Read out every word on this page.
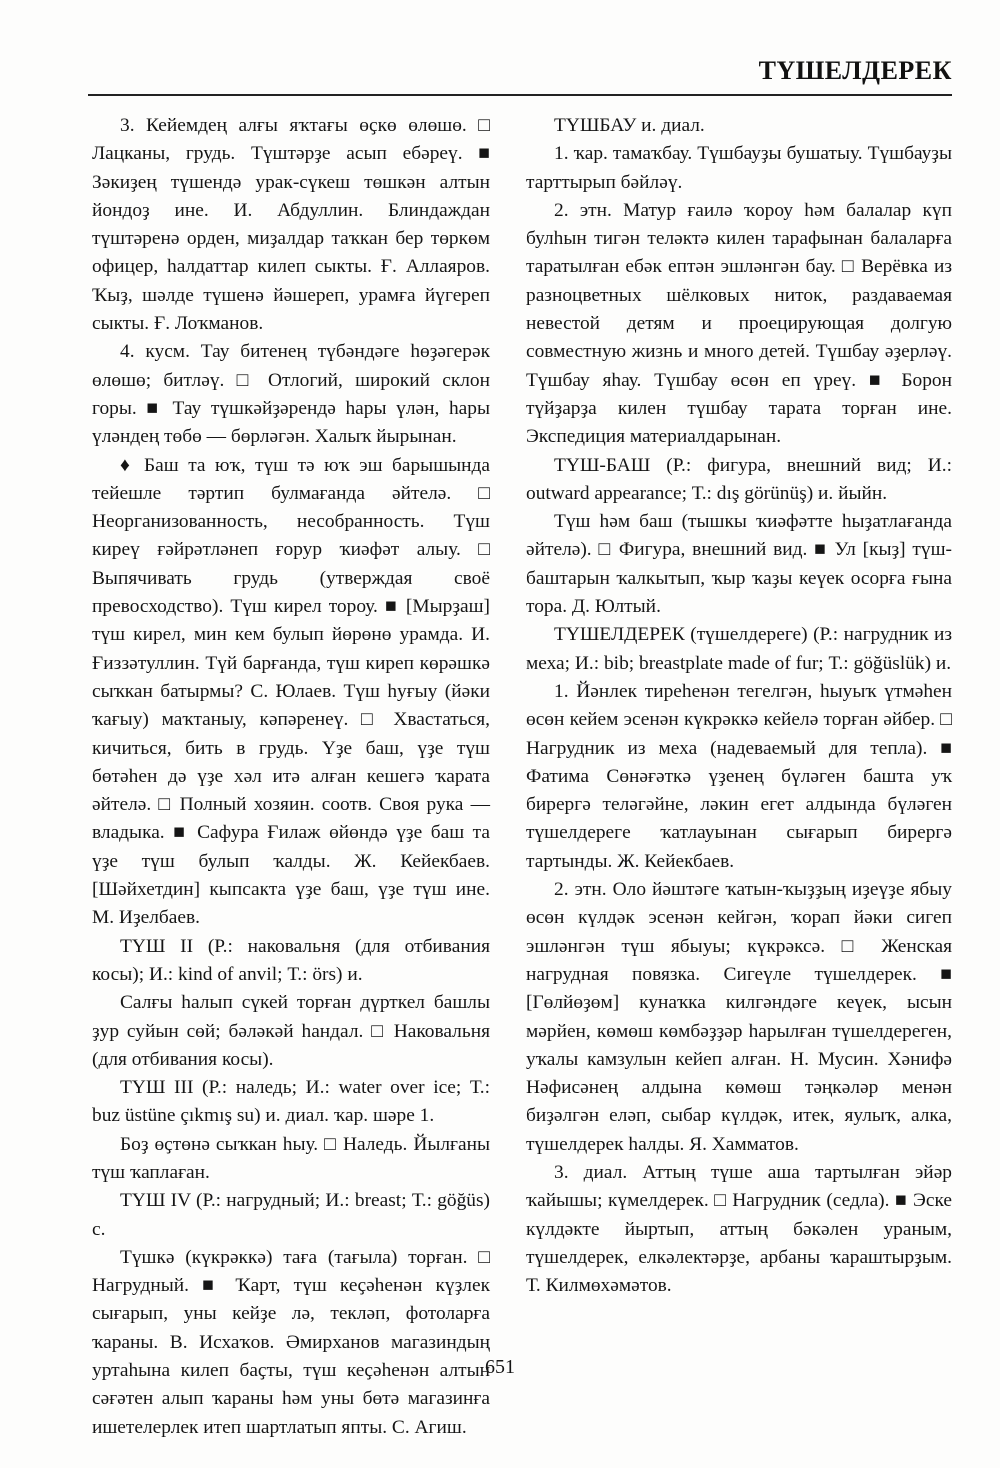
ТҮШЕЛДЕРЕК

3. Кейемдең алғы яҡтағы өҫкө өлөшө. □ Лацканы, грудь. Түштәрҙе асып ебәреү. ■ Зәкиҙең түшендә урак-сүкеш төшкән алтын йондоҙ ине. И. Абдуллин. Блиндаждан түштәренә орден, миҙалдар таҡкан бер төркөм офицер, һалдаттар килеп сыкты. Ғ. Аллаяров. Ҡыҙ, шәлде түшенә йәшереп, урамға йүгереп сыкты. Ғ. Лоҡманов.

4. кусм. Тау битенең түбәндәге һөҙәгерәк өлөшө; битләү. □ Отлогий, широкий склон горы. ■ Тау түшкәйҙәрендә һары үлән, һары үләндең төбө — бөрләгән. Халыҡ йырынан.

♦ Баш та юҡ, түш тә юҡ эш барышында тейешле тәртип булмағанда әйтелә. □ Неорганизованность, несобранность. Түш киреү ғәйрәтләнеп ғорур ҡиәфәт алыу. □ Выпячивать грудь (утверждая своё превосходство). Түш кирел тороу. ■ [Мырҙаш] түш кирел, мин кем булып йөрөнө урамда. И. Ғиззәтуллин. Түй барғанда, түш киреп көрәшкә сыҡкан батырмы? С. Юлаев. Түш һуғыу (йәки ҡағыу) маҡтаныу, кәпәренеү. □ Хвастаться, кичиться, бить в грудь. Үҙе баш, үҙе түш бөтәһен дә үҙе хәл итә алған кешегә ҡарата әйтелә. □ Полный хозяин. соотв. Своя рука — владыка. ■ Сафура Ғилаж өйөндә үҙе баш та үҙе түш булып ҡалды. Ж. Кейекбаев. [Шәйхетдин] кыпсакта үҙе баш, үҙе түш ине. М. Иҙелбаев.

ТҮШ II (Р.: наковальня (для отбивания косы); И.: kind of anvil; Т.: örs) и.

Салғы һалып сүкей торған дүрткел башлы ҙур суйын сөй; бәләкәй һандал. □ Наковальня (для отбивания косы).

ТҮШ III (Р.: наледь; И.: water over ice; Т.: buz üstüne çıkmış su) и. диал. ҡар. шәре 1.

Боҙ өҫтөнә сыҡкан һыу. □ Наледь. Йылғаны түш ҡаплаған.

ТҮШ IV (Р.: нагрудный; И.: breast; Т.: göğüs) с.

Түшкә (күкрәккә) тағa (тағыла) торған. □ Нагрудный. ■ Ҡарт, түш кеҫәһенән күҙлек сығарып, уны кейҙе лә, текләп, фотоларға ҡараны. В. Исхаҡов. Әмирханов магазиндың уртаһына килеп баҫты, түш кеҫәһенән алтын сәғәтен алып ҡараны һәм уны бөтә магазинға ишетелерлек итеп шартлатып япты. С. Агиш.

ТҮШБАУ и. диал.

1. ҡар. тамаҡбау. Түшбауҙы бушатыу. Түшбауҙы тарттырып бәйләү.

2. этн. Матур ғаилә ҡороу һәм балалар күп булһын тигән теләктә килен тарафынан балаларға таратылған ебәк ептән эшләнгән бау. □ Верёвка из разноцветных шёлковых ниток, раздаваемая невестой детям и проецирующая долгую совместную жизнь и много детей. Түшбау әҙерләү. Түшбау яһау. Түшбау өсөн еп үреү. ■ Борон түйҙарҙа килен түшбау тарата торған ине. Экспедиция материалдарынан.

ТҮШ-БАШ (Р.: фигура, внешний вид; И.: outward appearance; Т.: dış görünüş) и. йыйн.

Түш һәм баш (тышкы ҡиәфәтте һыҙатлағанда әйтелә). □ Фигура, внешний вид. ■ Ул [кыҙ] түш-баштарын ҡалкытып, ҡыр ҡаҙы кеүек осорға ғына тора. Д. Юлтый.

ТҮШЕЛДЕРЕК (түшелдереге) (Р.: нагрудник из меха; И.: bib; breastplate made of fur; Т.: göğüslük) и.

1. Йәнлек тиреһенән тегелгән, һыуыҡ үтмәһен өсөн кейем эсенән күкрәккә кейелә торған әйбер. □ Нагрудник из меха (надеваемый для тепла). ■ Фатима Сөнәғәткә үҙенең бүләген башта уҡ бирергә теләгәйне, ләкин егет алдында бүләген түшелдерегe ҡатлауынан сығарып бирергә тартынды. Ж. Кейекбаев.

2. этн. Оло йәштәге ҡатын-ҡыҙҙың иҙеүҙе ябыу өсөн күлдәк эсенән кейгән, ҡорап йәки сигеп эшләнгән түш ябыуы; күкрәксә. □ Женская нагрудная повязка. Сигеүле түшелдерек. ■ [Гөлйөҙөм] кунаҡка килгәндәге кеүек, ысын мәрйен, көмөш көмбәҙҙәр һарылған түшелдереген, уҡалы камзулын кейеп алған. Н. Мусин. Хәнифә Нәфисәнең алдына көмөш тәңкәләр менән биҙәлгән еләп, сыбар күлдәк, итек, яулыҡ, алка, түшелдерек һалды. Я. Хамматов.

3. диал. Аттың түше аша тартылған эйәр ҡайышы; күмелдерек. □ Нагрудник (седла). ■ Эске күлдәкте йыртып, аттың бәкәлен ураным, түшелдерек, елкәлектәрҙе, арбаны ҡараштырҙым. Т. Килмөхәмәтов.

651
